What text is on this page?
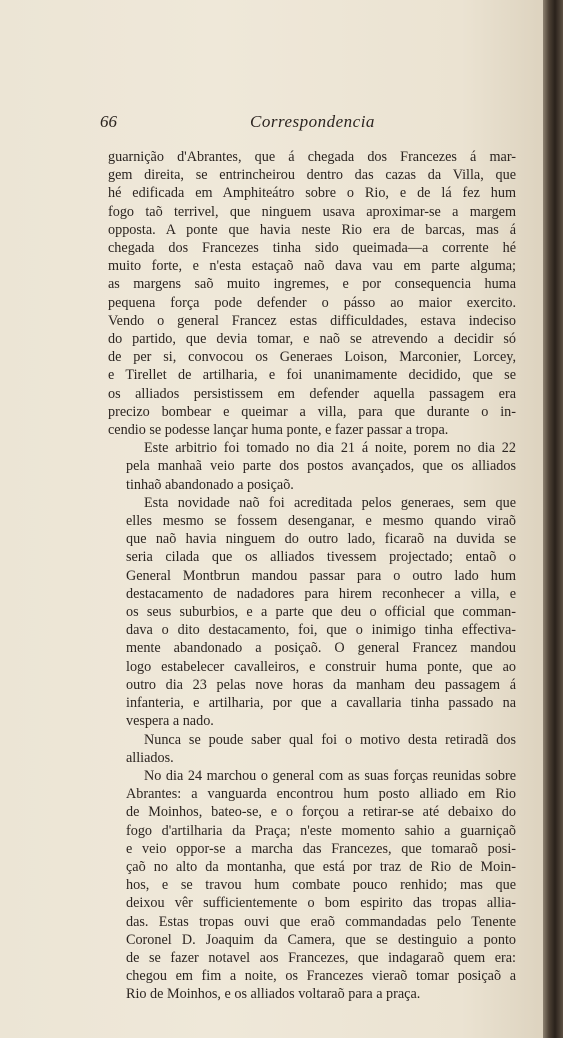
66	Correspondencia
guarnição d'Abrantes, que á chegada dos Francezes á mar-
gem direita, se entrincheirou dentro das cazas da Villa, que
hé edificada em Amphiteátro sobre o Rio, e de lá fez hum
fogo taõ terrivel, que ninguem usava aproximar-se a margem
opposta. A ponte que havia neste Rio era de barcas, mas á
chegada dos Francezes tinha sido queimada—a corrente hé
muito forte, e n'esta estaçaõ naõ dava vau em parte alguma;
as margens saõ muito ingremes, e por consequencia huma
pequena força pode defender o pásso ao maior exercito.
Vendo o general Francez estas difficuldades, estava indeciso
do partido, que devia tomar, e naõ se atrevendo a decidir só
de per si, convocou os Generaes Loison, Marconier, Lorcey,
e Tirellet de artilharia, e foi unanimamente decidido, que se
os alliados persistissem em defender aquella passagem era
precizo bombear e queimar a villa, para que durante o in-
cendio se podesse lançar huma ponte, e fazer passar a tropa.
Este arbitrio foi tomado no dia 21 á noite, porem no dia 22
pela manhaã veio parte dos postos avançados, que os alliados
tinhaõ abandonado a posiçaõ.
Esta novidade naõ foi acreditada pelos generaes, sem que
elles mesmo se fossem desenganar, e mesmo quando viraõ
que naõ havia ninguem do outro lado, ficaraõ na duvida se
seria cilada que os alliados tivessem projectado; entaõ o
General Montbrun mandou passar para o outro lado hum
destacamento de nadadores para hirem reconhecer a villa, e
os seus suburbios, e a parte que deu o official que comman-
dava o dito destacamento, foi, que o inimigo tinha effectiva-
mente abandonado a posiçaõ. O general Francez mandou
logo estabelecer cavalleiros, e construir huma ponte, que ao
outro dia 23 pelas nove horas da manham deu passagem á
infanteria, e artilharia, por que a cavallaria tinha passado na
vespera a nado.
Nunca se poude saber qual foi o motivo desta retiradã dos
alliados.
No dia 24 marchou o general com as suas forças reunidas sobre
Abrantes: a vanguarda encontrou hum posto alliado em Rio
de Moinhos, bateo-se, e o forçou a retirar-se até debaixo do
fogo d'artilharia da Praça; n'este momento sahio a guarniçaõ
e veio oppor-se a marcha das Francezes, que tomaraõ posi-
çaõ no alto da montanha, que está por traz de Rio de Moin-
hos, e se travou hum combate pouco renhido; mas que
deixou vêr sufficientemente o bom espirito das tropas allia-
das. Estas tropas ouvi que eraõ commandadas pelo Tenente
Coronel D. Joaquim da Camera, que se destinguio a ponto
de se fazer notavel aos Francezes, que indagaraõ quem era:
chegou em fim a noite, os Francezes vieraõ tomar posiçaõ a
Rio de Moinhos, e os alliados voltaraõ para a praça.
